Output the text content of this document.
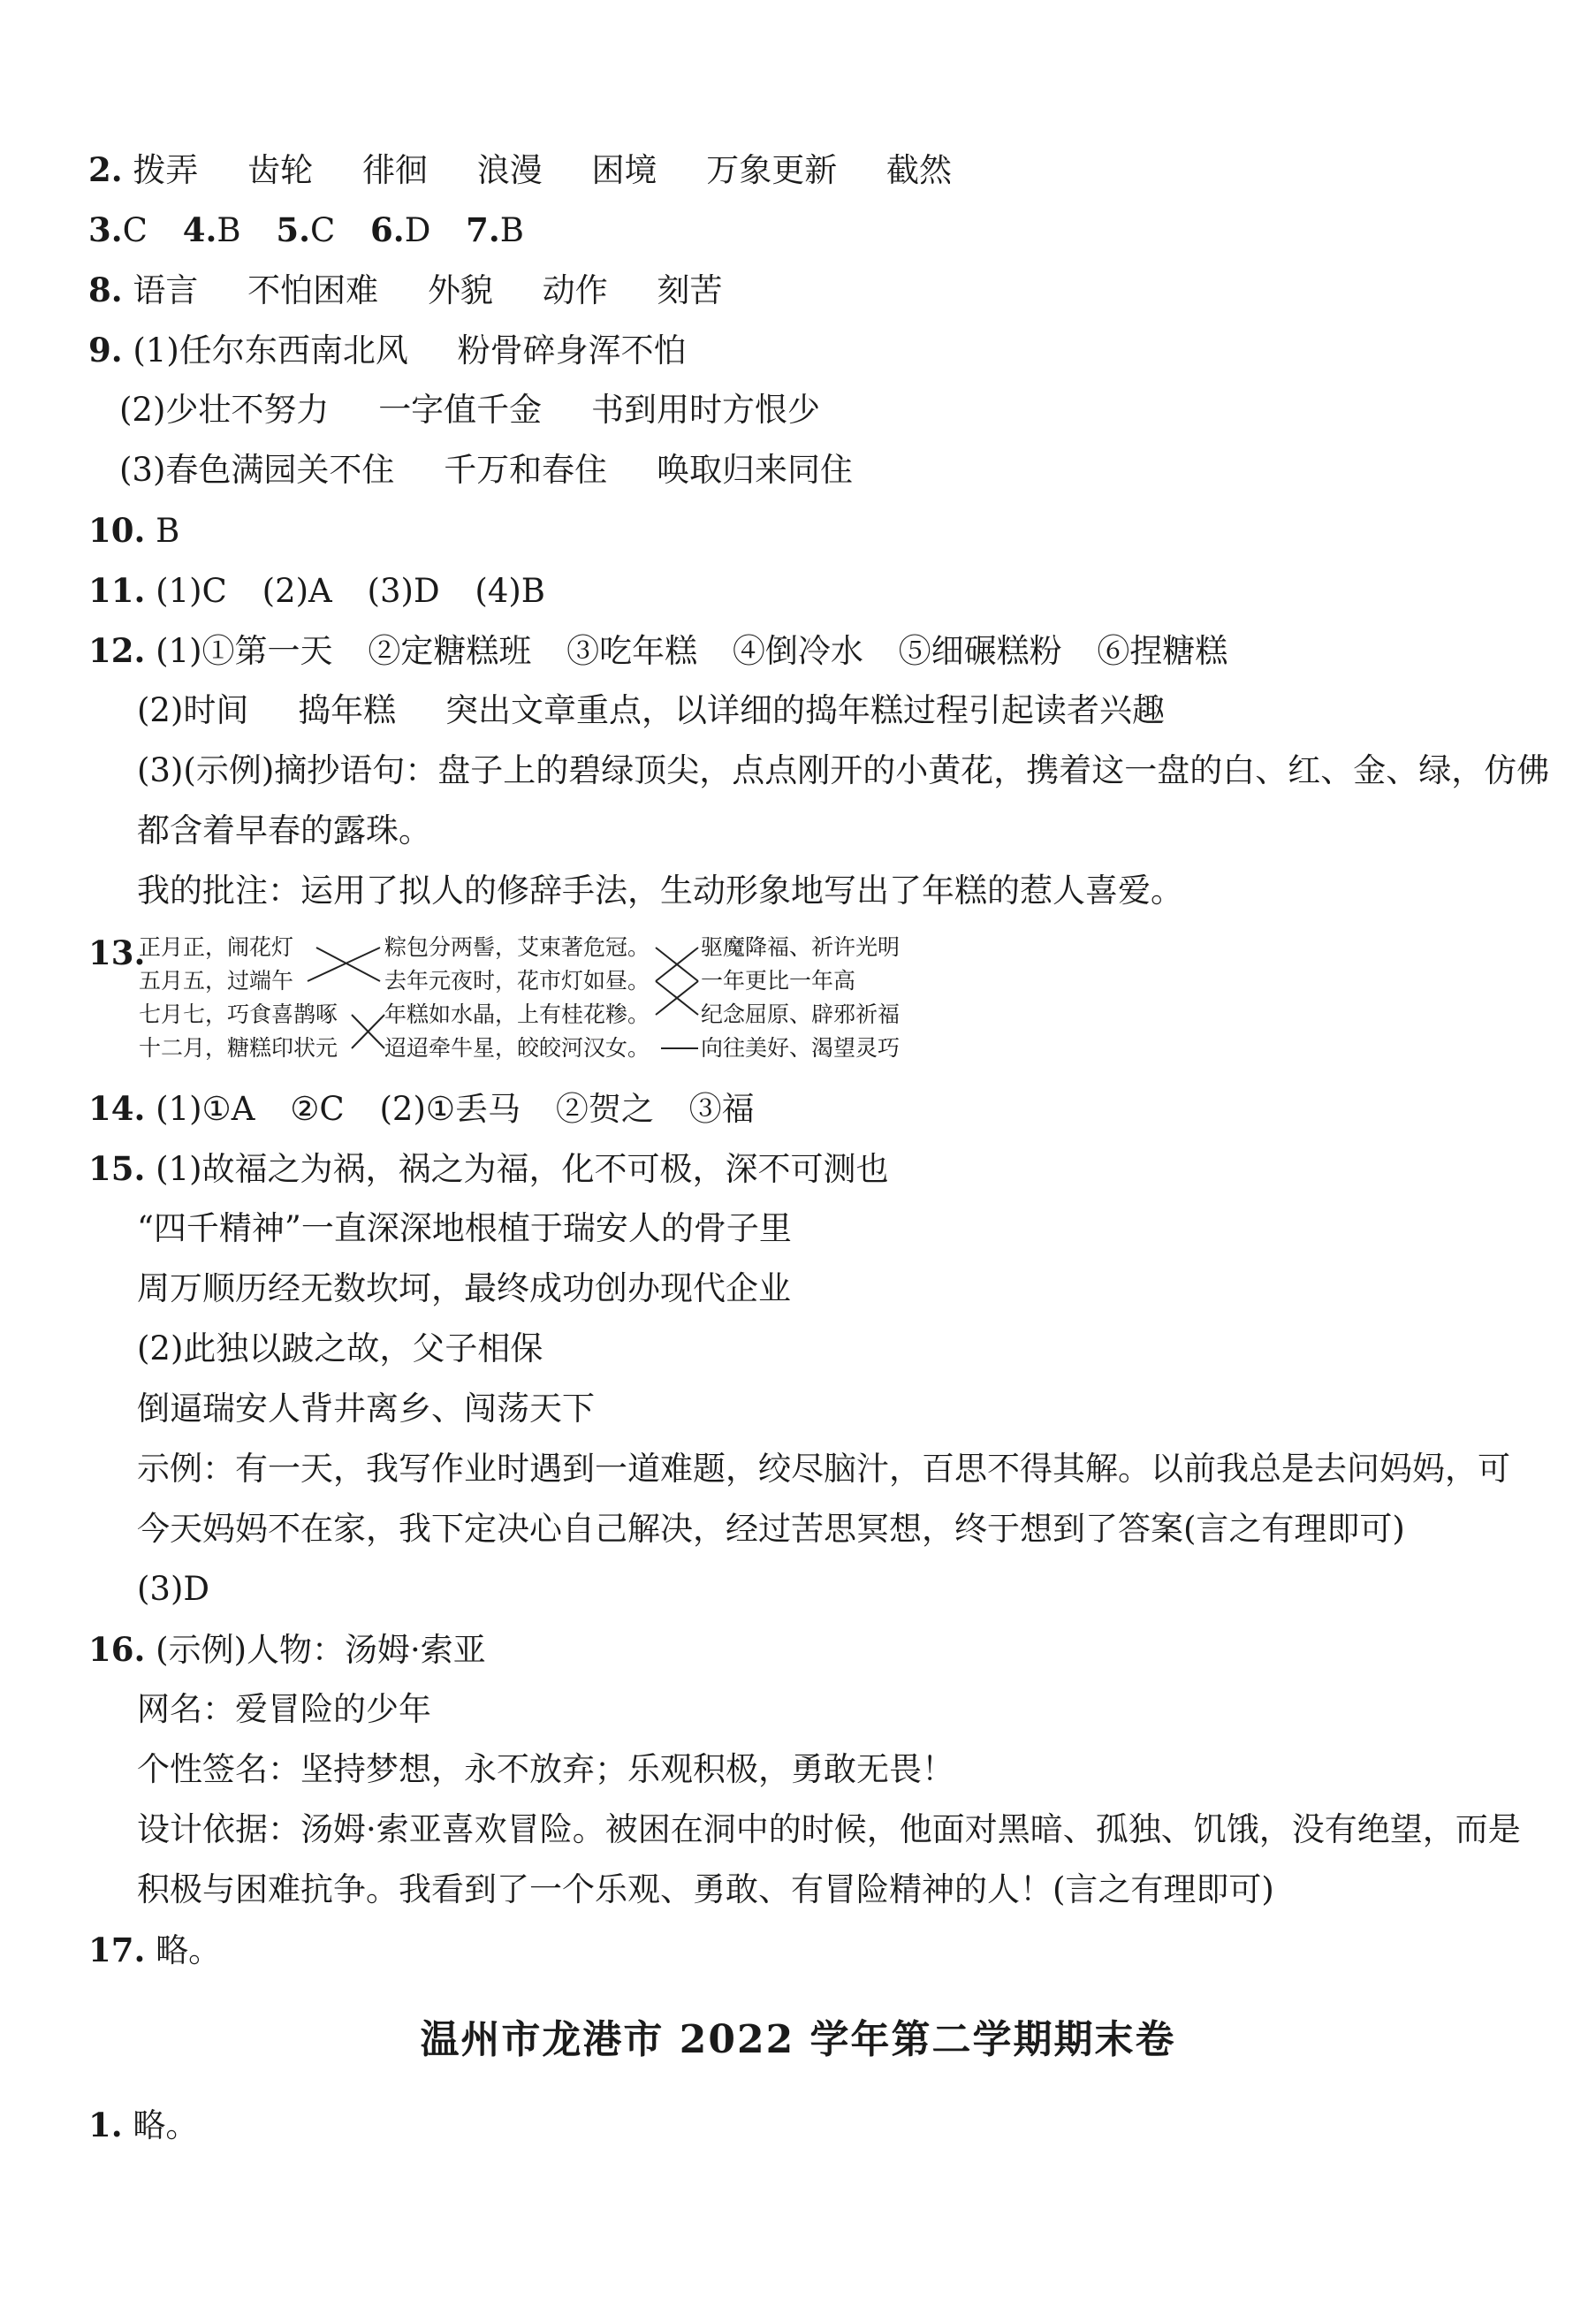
2. 拨弄 齿轮 徘徊 浪漫 困境 万象更新 截然
3.C 4.B 5.C 6.D 7.B
8. 语言 不怕困难 外貌 动作 刻苦
9. (1)任尔东西南北风 粉骨碎身浑不怕
(2)少壮不努力 一字值千金 书到用时方恨少
(3)春色满园关不住 千万和春住 唤取归来同住
10. B
11. (1)C (2)A (3)D (4)B
12. (1)①第一天 ②定糖糕班 ③吃年糕 ④倒冷水 ⑤细碾糕粉 ⑥捏糖糕
(2)时间 捣年糕 突出文章重点，以详细的捣年糕过程引起读者兴趣
(3)(示例)摘抄语句：盘子上的碧绿顶尖，点点刚开的小黄花，携着这一盘的白、红、金、绿，仿佛
都含着早春的露珠。
我的批注：运用了拟人的修辞手法，生动形象地写出了年糕的惹人喜爱。
13.
正月正，闹花灯
五月五，过端午
七月七，巧食喜鹊啄
十二月，糖糕印状元
粽包分两髻，艾束著危冠。
去年元夜时，花市灯如昼。
年糕如水晶，上有桂花糁。
迢迢牵牛星，皎皎河汉女。
驱魔降福、祈许光明
一年更比一年高
纪念屈原、辟邪祈福
向往美好、渴望灵巧
14. (1)①A ②C (2)①丢马 ②贺之 ③福
15. (1)故福之为祸，祸之为福，化不可极，深不可测也
“四千精神”一直深深地根植于瑞安人的骨子里
周万顺历经无数坎坷，最终成功创办现代企业
(2)此独以跛之故，父子相保
倒逼瑞安人背井离乡、闯荡天下
示例：有一天，我写作业时遇到一道难题，绞尽脑汁，百思不得其解。以前我总是去问妈妈，可
今天妈妈不在家，我下定决心自己解决，经过苦思冥想，终于想到了答案(言之有理即可)
(3)D
16. (示例)人物：汤姆·索亚
网名：爱冒险的少年
个性签名：坚持梦想，永不放弃；乐观积极，勇敢无畏！
设计依据：汤姆·索亚喜欢冒险。被困在洞中的时候，他面对黑暗、孤独、饥饿，没有绝望，而是
积极与困难抗争。我看到了一个乐观、勇敢、有冒险精神的人！(言之有理即可)
17. 略。
温州市龙港市 2022 学年第二学期期末卷
1. 略。
